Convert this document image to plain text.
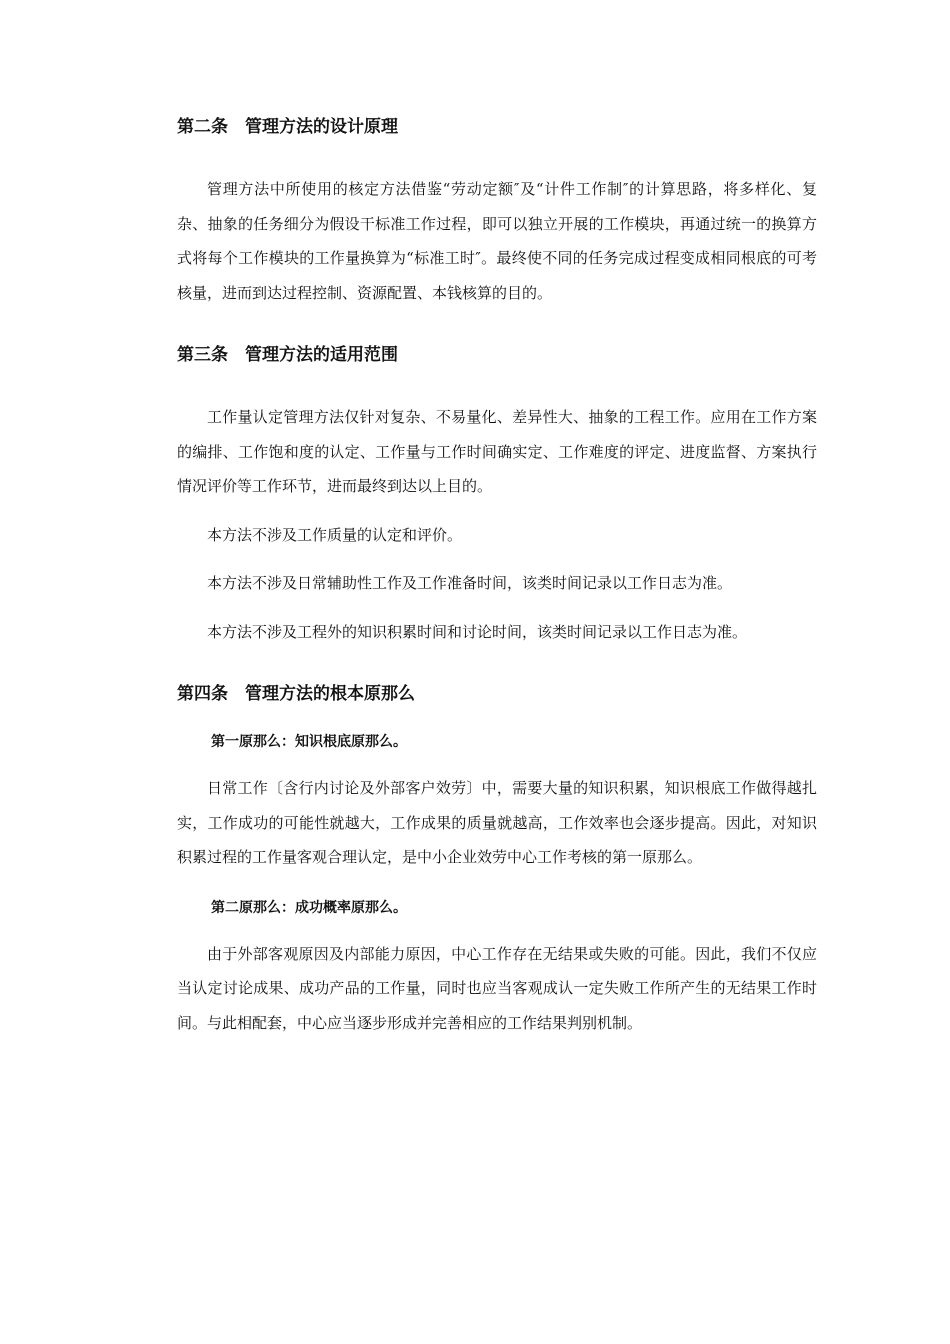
第二条　管理方法的设计原理

管理方法中所使用的核定方法借鉴“劳动定额″及“计件工作制″的计算思路，将多样化、复杂、抽象的任务细分为假设干标准工作过程，即可以独立开展的工作模块，再通过统一的换算方式将每个工作模块的工作量换算为“标准工时″。最终使不同的任务完成过程变成相同根底的可考核量，进而到达过程控制、资源配置、本钱核算的目的。

第三条　管理方法的适用范围

工作量认定管理方法仅针对复杂、不易量化、差异性大、抽象的工程工作。应用在工作方案的编排、工作饱和度的认定、工作量与工作时间确实定、工作难度的评定、进度监督、方案执行情况评价等工作环节，进而最终到达以上目的。

本方法不涉及工作质量的认定和评价。

本方法不涉及日常辅助性工作及工作准备时间，该类时间记录以工作日志为准。

本方法不涉及工程外的知识积累时间和讨论时间，该类时间记录以工作日志为准。

第四条　管理方法的根本原那么
第一原那么：知识根底原那么。

日常工作〔含行内讨论及外部客户效劳〕中，需要大量的知识积累，知识根底工作做得越扎实，工作成功的可能性就越大，工作成果的质量就越高，工作效率也会逐步提高。因此，对知识积累过程的工作量客观合理认定，是中小企业效劳中心工作考核的第一原那么。

第二原那么：成功概率原那么。

由于外部客观原因及内部能力原因，中心工作存在无结果或失败的可能。因此，我们不仅应当认定讨论成果、成功产品的工作量，同时也应当客观成认一定失败工作所产生的无结果工作时间。与此相配套，中心应当逐步形成并完善相应的工作结果判别机制。
